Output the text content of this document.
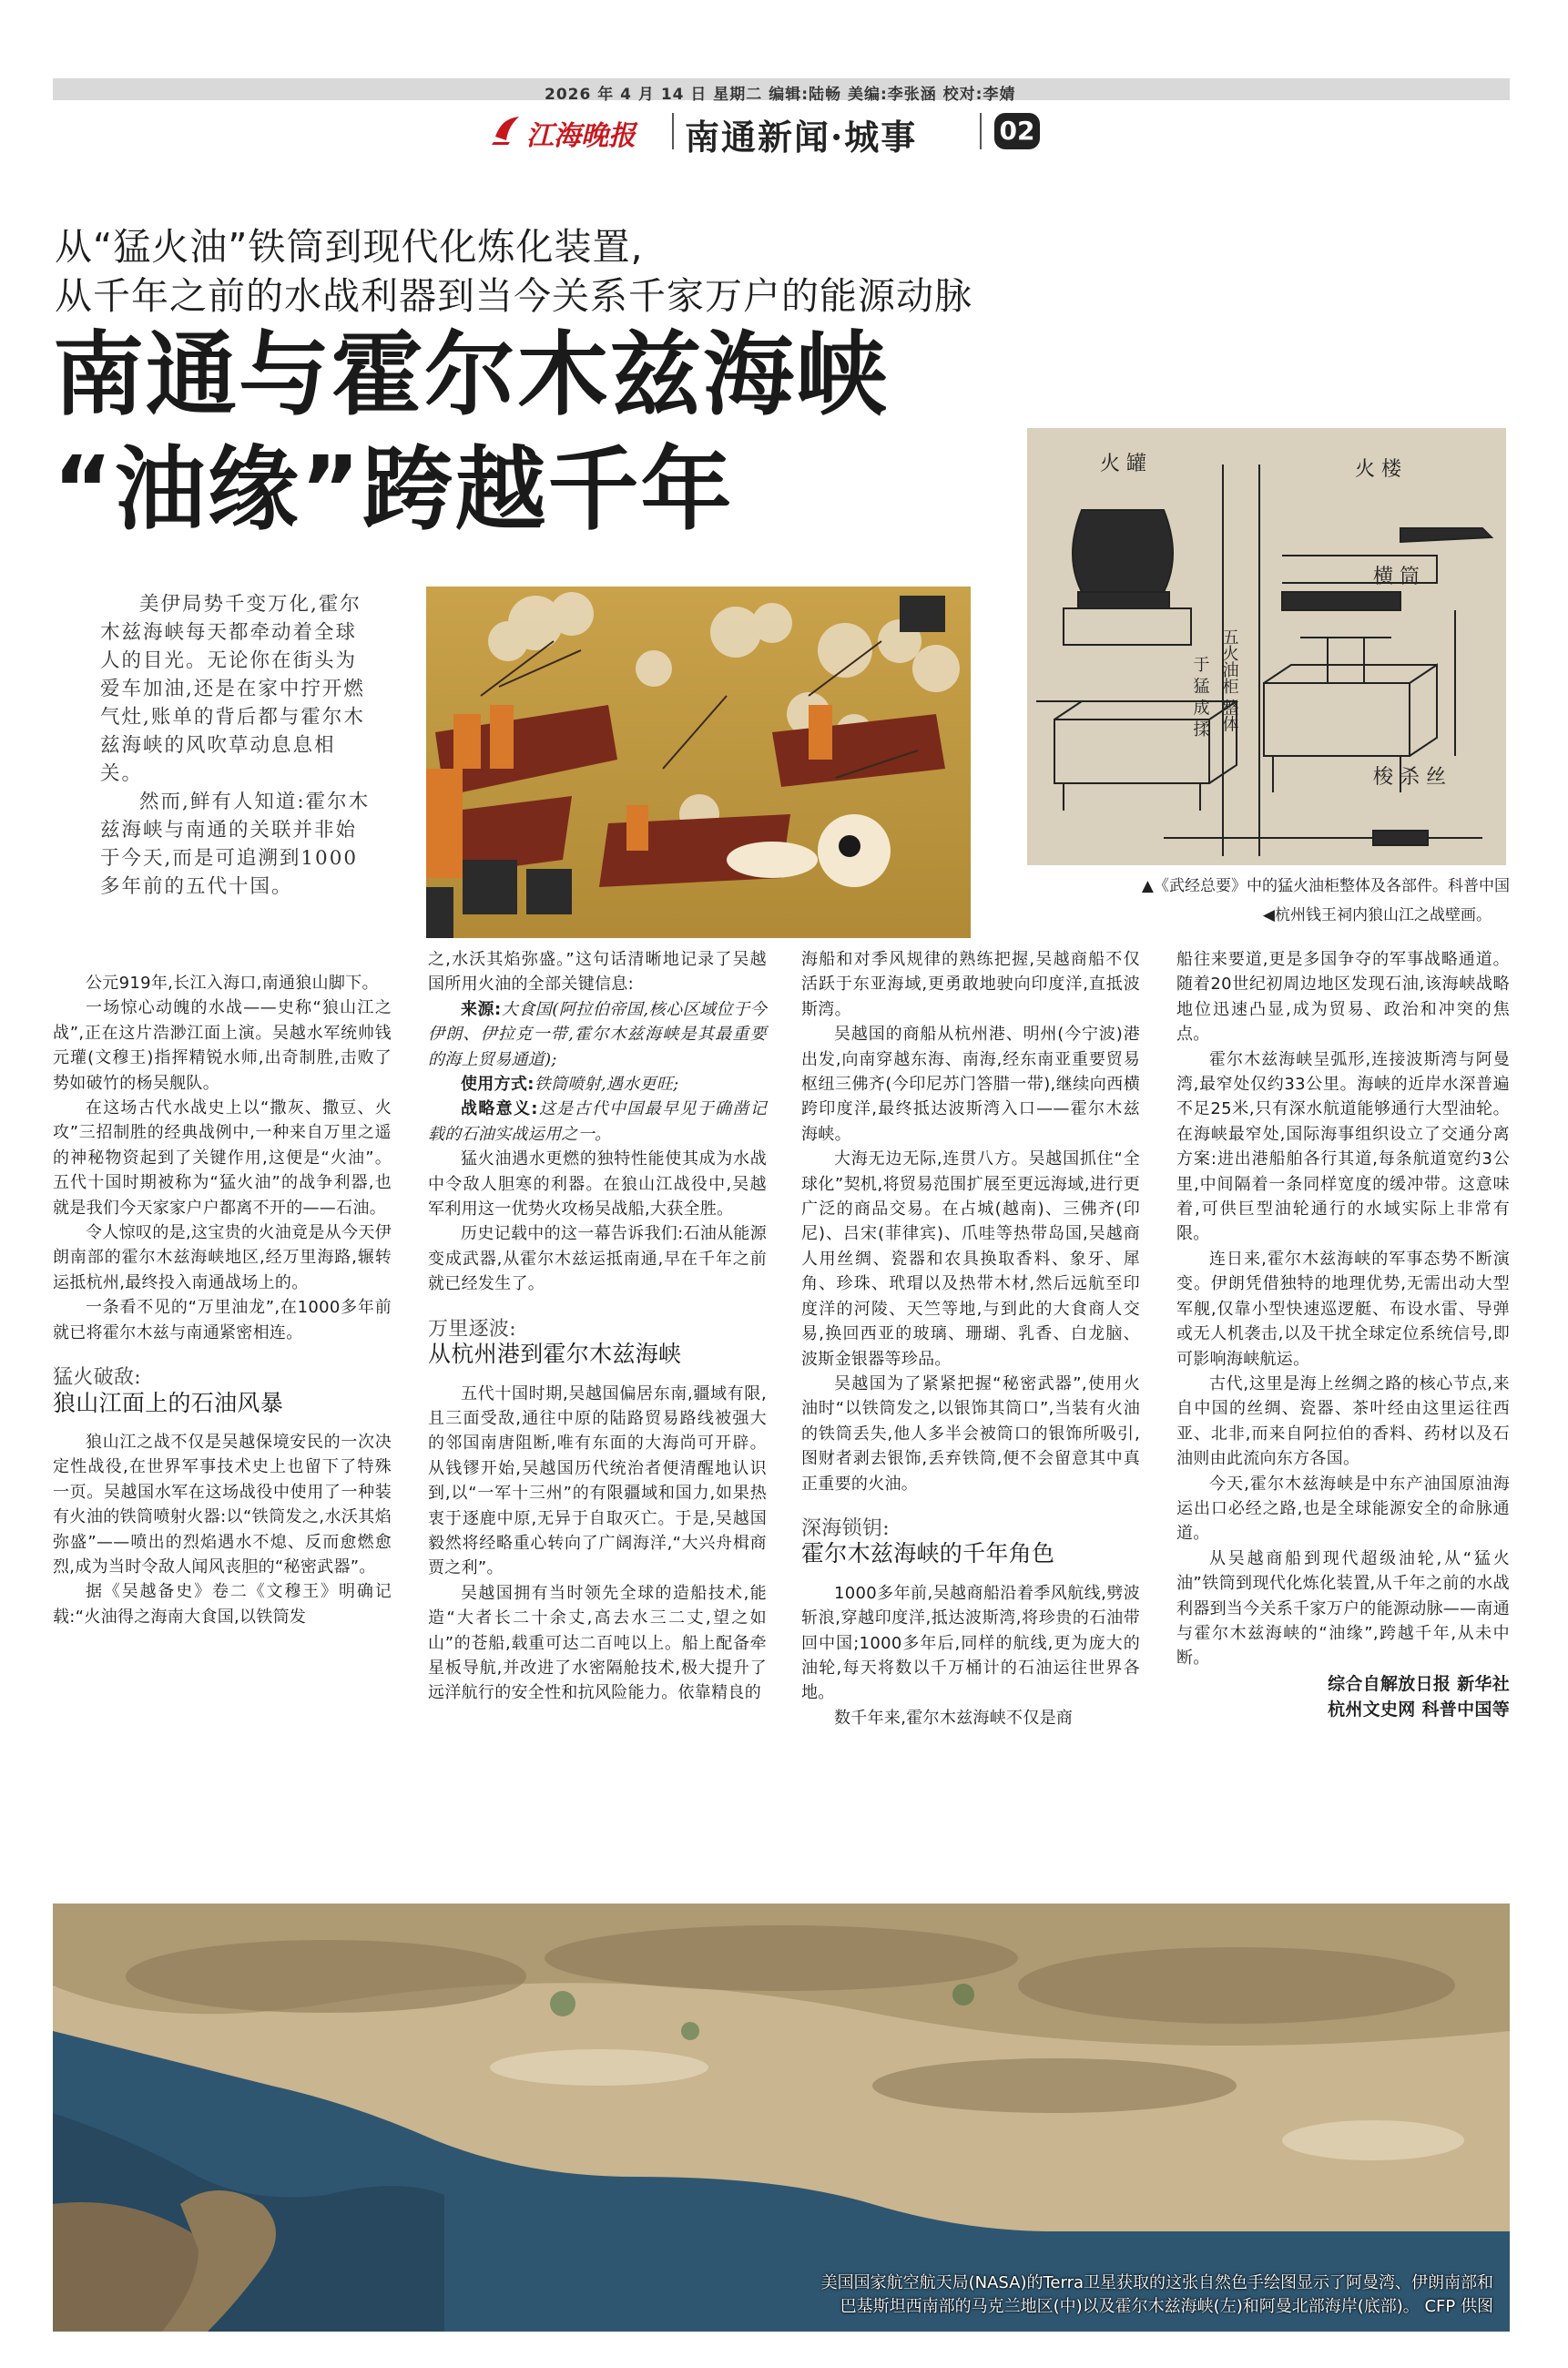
2026 年 4 月 14 日 星期二 编辑:陆畅 美编:李张涵 校对:李婧
江海晚报 南通新闻·城事	02
从“猛火油”铁筒到现代化炼化装置,
从千年之前的水战利器到当今关系千家万户的能源动脉
南通与霍尔木兹海峡
“油缘”跨越千年

美伊局势千变万化,霍尔木兹海峡每天都牵动着全球人的目光。无论你在街头为爱车加油,还是在家中拧开燃气灶,账单的背后都与霍尔木兹海峡的风吹草动息息相关。

然而,鲜有人知道:霍尔木兹海峡与南通的关联并非始于今天,而是可追溯到1000多年前的五代十国。

火 罐	火 楼
横 筒
梭 杀 丝
五火油柜 整体
于 猛 成 揉
▲《武经总要》中的猛火油柜整体及各部件。科普中国
◀杭州钱王祠内狼山江之战壁画。

公元919年,长江入海口,南通狼山脚下。

一场惊心动魄的水战——史称“狼山江之战”,正在这片浩渺江面上演。吴越水军统帅钱元瓘(文穆王)指挥精锐水师,出奇制胜,击败了势如破竹的杨吴舰队。

在这场古代水战史上以“撒灰、撒豆、火攻”三招制胜的经典战例中,一种来自万里之遥的神秘物资起到了关键作用,这便是“火油”。五代十国时期被称为“猛火油”的战争利器,也就是我们今天家家户户都离不开的——石油。

令人惊叹的是,这宝贵的火油竟是从今天伊朗南部的霍尔木兹海峡地区,经万里海路,辗转运抵杭州,最终投入南通战场上的。

一条看不见的“万里油龙”,在1000多年前就已将霍尔木兹与南通紧密相连。

猛火破敌:
狼山江面上的石油风暴

狼山江之战不仅是吴越保境安民的一次决定性战役,在世界军事技术史上也留下了特殊一页。吴越国水军在这场战役中使用了一种装有火油的铁筒喷射火器:以“铁筒发之,水沃其焰弥盛”——喷出的烈焰遇水不熄、反而愈燃愈烈,成为当时令敌人闻风丧胆的“秘密武器”。

据《吴越备史》卷二《文穆王》明确记载:“火油得之海南大食国,以铁筒发

之,水沃其焰弥盛。”这句话清晰地记录了吴越国所用火油的全部关键信息:

来源:大食国(阿拉伯帝国,核心区域位于今伊朗、伊拉克一带,霍尔木兹海峡是其最重要的海上贸易通道);

使用方式:铁筒喷射,遇水更旺;

战略意义:这是古代中国最早见于确凿记载的石油实战运用之一。

猛火油遇水更燃的独特性能使其成为水战中令敌人胆寒的利器。在狼山江战役中,吴越军利用这一优势火攻杨吴战船,大获全胜。

历史记载中的这一幕告诉我们:石油从能源变成武器,从霍尔木兹运抵南通,早在千年之前就已经发生了。

万里逐波:
从杭州港到霍尔木兹海峡

五代十国时期,吴越国偏居东南,疆域有限,且三面受敌,通往中原的陆路贸易路线被强大的邻国南唐阻断,唯有东面的大海尚可开辟。从钱镠开始,吴越国历代统治者便清醒地认识到,以“一军十三州”的有限疆域和国力,如果热衷于逐鹿中原,无异于自取灭亡。于是,吴越国毅然将经略重心转向了广阔海洋,“大兴舟楫商贾之利”。

吴越国拥有当时领先全球的造船技术,能造“大者长二十余丈,高去水三二丈,望之如山”的苍船,载重可达二百吨以上。船上配备牵星板导航,并改进了水密隔舱技术,极大提升了远洋航行的安全性和抗风险能力。依靠精良的

海船和对季风规律的熟练把握,吴越商船不仅活跃于东亚海域,更勇敢地驶向印度洋,直抵波斯湾。

吴越国的商船从杭州港、明州(今宁波)港出发,向南穿越东海、南海,经东南亚重要贸易枢纽三佛齐(今印尼苏门答腊一带),继续向西横跨印度洋,最终抵达波斯湾入口——霍尔木兹海峡。

大海无边无际,连贯八方。吴越国抓住“全球化”契机,将贸易范围扩展至更远海域,进行更广泛的商品交易。在占城(越南)、三佛齐(印尼)、吕宋(菲律宾)、爪哇等热带岛国,吴越商人用丝绸、瓷器和农具换取香料、象牙、犀角、珍珠、玳瑁以及热带木材,然后远航至印度洋的河陵、天竺等地,与到此的大食商人交易,换回西亚的玻璃、珊瑚、乳香、白龙脑、波斯金银器等珍品。

吴越国为了紧紧把握“秘密武器”,使用火油时“以铁筒发之,以银饰其筒口”,当装有火油的铁筒丢失,他人多半会被筒口的银饰所吸引,图财者剥去银饰,丢弃铁筒,便不会留意其中真正重要的火油。

深海锁钥:
霍尔木兹海峡的千年角色

1000多年前,吴越商船沿着季风航线,劈波斩浪,穿越印度洋,抵达波斯湾,将珍贵的石油带回中国;1000多年后,同样的航线,更为庞大的油轮,每天将数以千万桶计的石油运往世界各地。

数千年来,霍尔木兹海峡不仅是商

船往来要道,更是多国争夺的军事战略通道。随着20世纪初周边地区发现石油,该海峡战略地位迅速凸显,成为贸易、政治和冲突的焦点。

霍尔木兹海峡呈弧形,连接波斯湾与阿曼湾,最窄处仅约33公里。海峡的近岸水深普遍不足25米,只有深水航道能够通行大型油轮。在海峡最窄处,国际海事组织设立了交通分离方案:进出港船舶各行其道,每条航道宽约3公里,中间隔着一条同样宽度的缓冲带。这意味着,可供巨型油轮通行的水域实际上非常有限。

连日来,霍尔木兹海峡的军事态势不断演变。伊朗凭借独特的地理优势,无需出动大型军舰,仅靠小型快速巡逻艇、布设水雷、导弹或无人机袭击,以及干扰全球定位系统信号,即可影响海峡航运。

古代,这里是海上丝绸之路的核心节点,来自中国的丝绸、瓷器、茶叶经由这里运往西亚、北非,而来自阿拉伯的香料、药材以及石油则由此流向东方各国。

今天,霍尔木兹海峡是中东产油国原油海运出口必经之路,也是全球能源安全的命脉通道。

从吴越商船到现代超级油轮,从“猛火油”铁筒到现代化炼化装置,从千年之前的水战利器到当今关系千家万户的能源动脉——南通与霍尔木兹海峡的“油缘”,跨越千年,从未中断。

综合自解放日报 新华社
杭州文史网 科普中国等
美国国家航空航天局(NASA)的Terra卫星获取的这张自然色手绘图显示了阿曼湾、伊朗南部和
巴基斯坦西南部的马克兰地区(中)以及霍尔木兹海峡(左)和阿曼北部海岸(底部)。 CFP 供图
